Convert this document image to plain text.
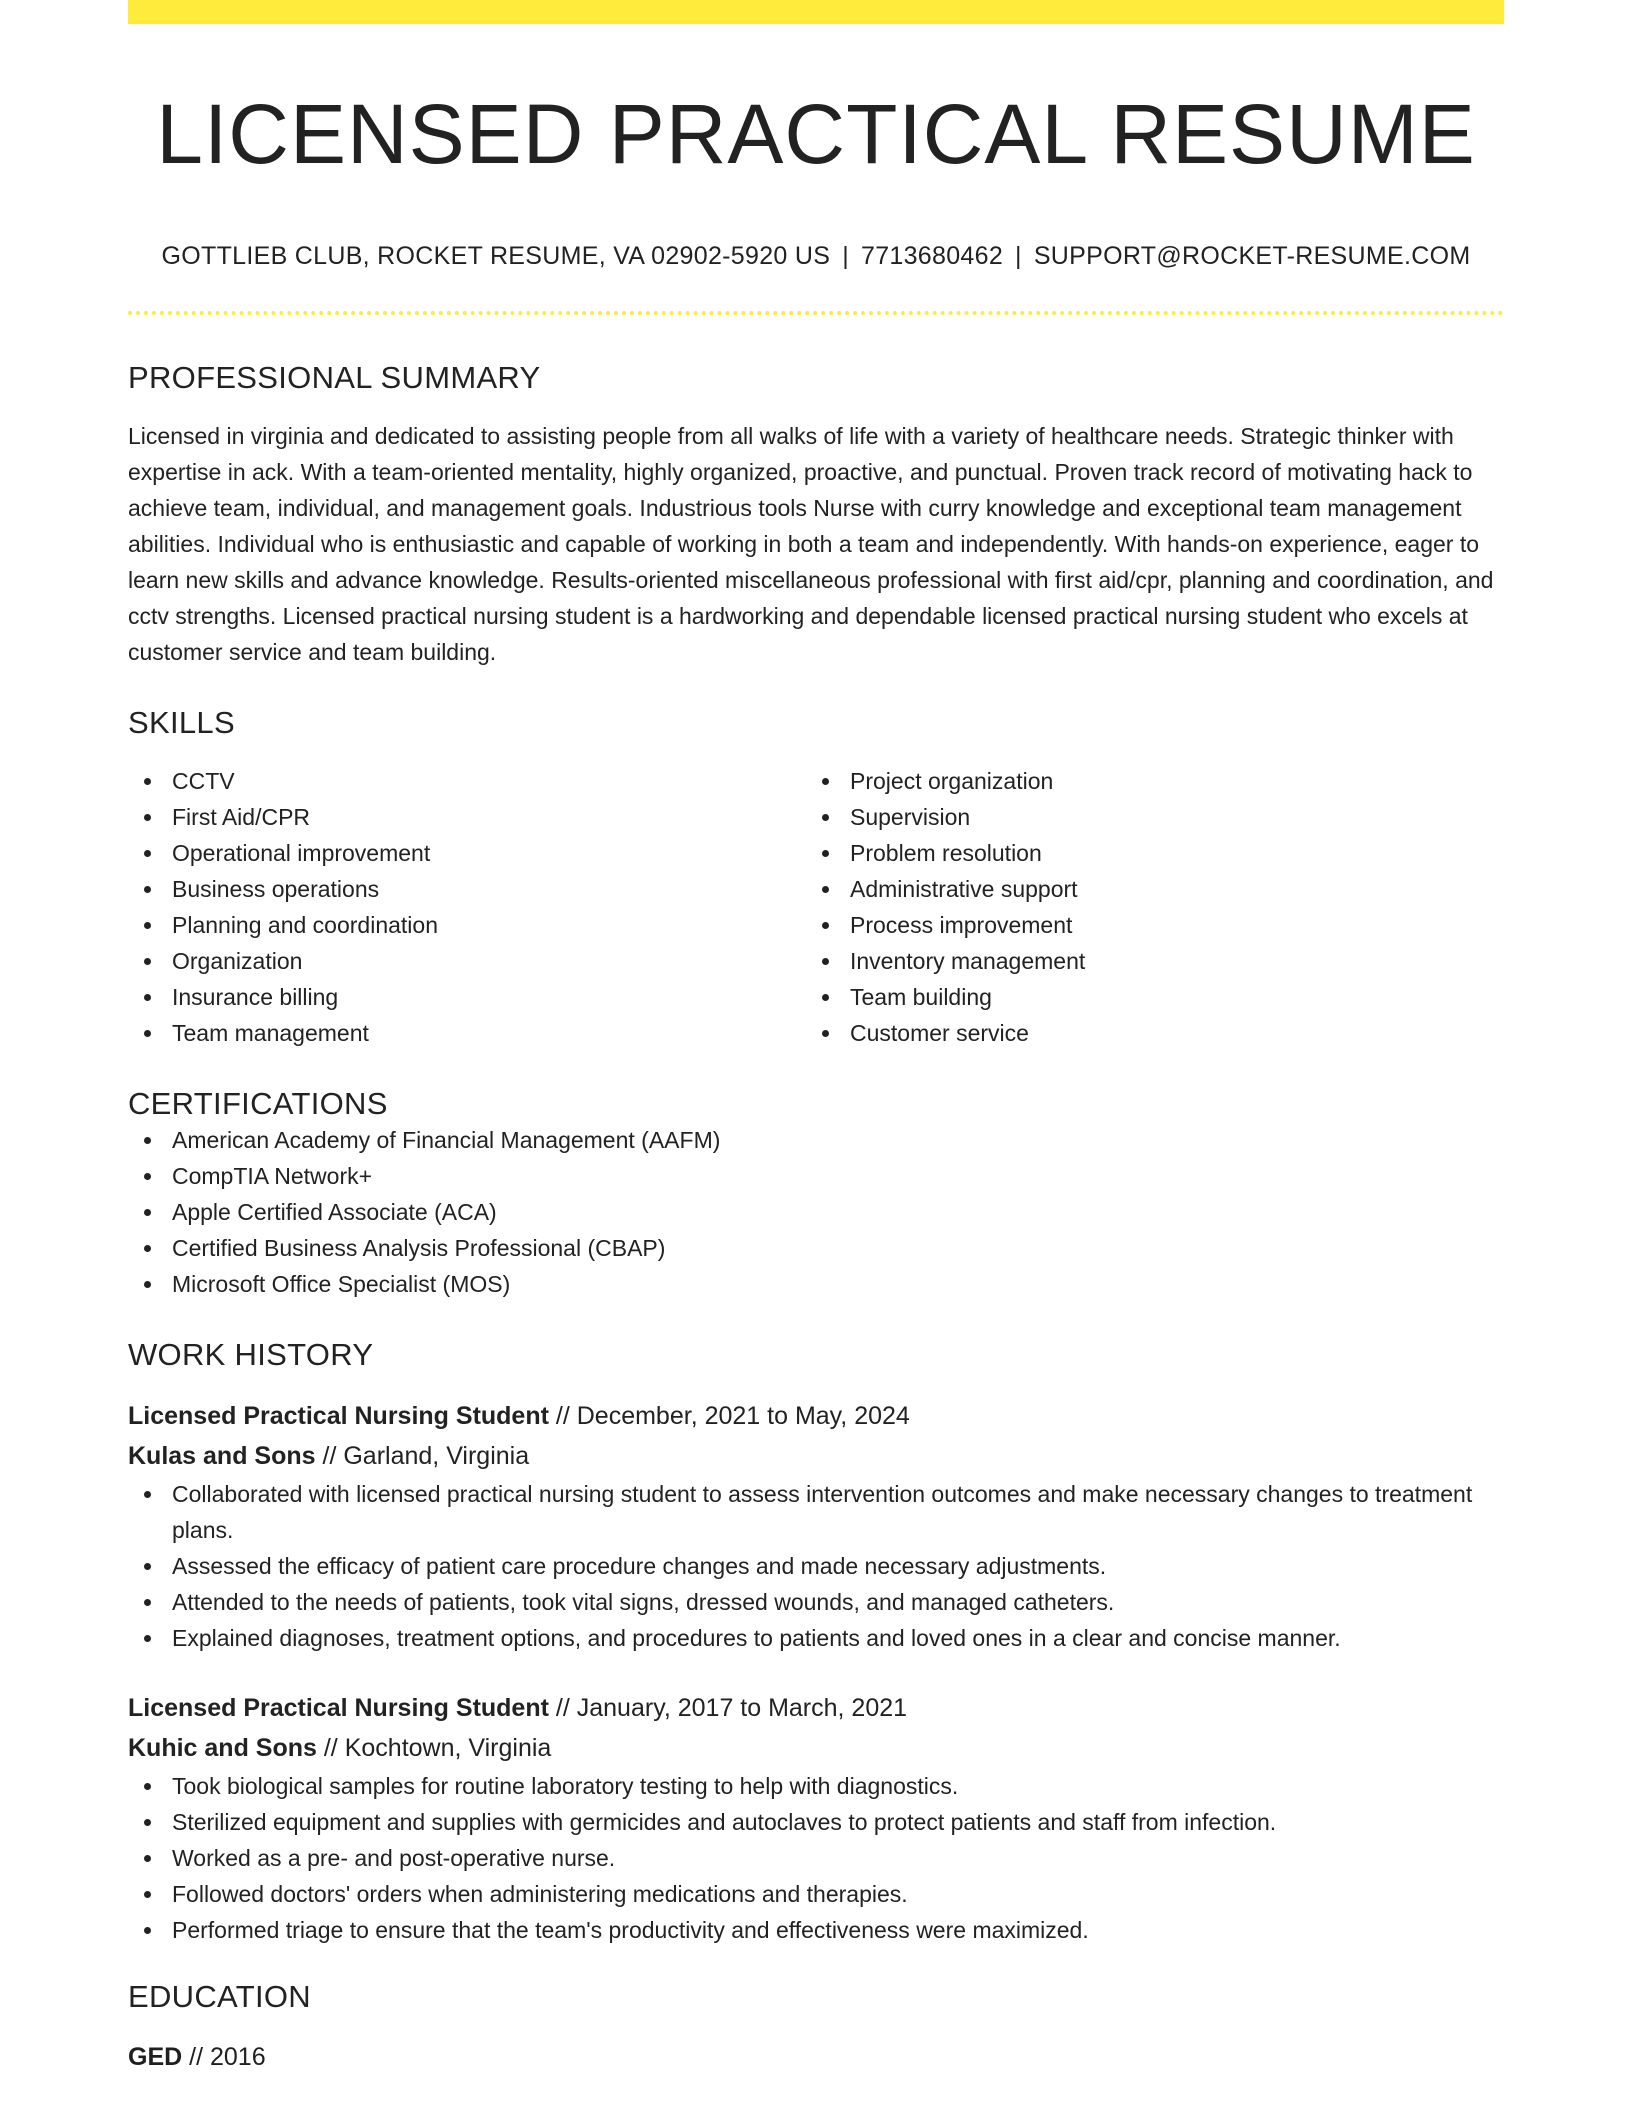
LICENSED PRACTICAL RESUME
GOTTLIEB CLUB, ROCKET RESUME, VA 02902-5920 US | 7713680462 | SUPPORT@ROCKET-RESUME.COM
PROFESSIONAL SUMMARY

Licensed in virginia and dedicated to assisting people from all walks of life with a variety of healthcare needs. Strategic thinker with expertise in ack. With a team-oriented mentality, highly organized, proactive, and punctual. Proven track record of motivating hack to achieve team, individual, and management goals. Industrious tools Nurse with curry knowledge and exceptional team management abilities. Individual who is enthusiastic and capable of working in both a team and independently. With hands-on experience, eager to learn new skills and advance knowledge. Results-oriented miscellaneous professional with first aid/cpr, planning and coordination, and cctv strengths. Licensed practical nursing student is a hardworking and dependable licensed practical nursing student who excels at customer service and team building.

SKILLS
CCTV
First Aid/CPR
Operational improvement
Business operations
Planning and coordination
Organization
Insurance billing
Team management
Project organization
Supervision
Problem resolution
Administrative support
Process improvement
Inventory management
Team building
Customer service
CERTIFICATIONS
American Academy of Financial Management (AAFM)
CompTIA Network+
Apple Certified Associate (ACA)
Certified Business Analysis Professional (CBAP)
Microsoft Office Specialist (MOS)
WORK HISTORY
Licensed Practical Nursing Student // December, 2021 to May, 2024
Kulas and Sons // Garland, Virginia
Collaborated with licensed practical nursing student to assess intervention outcomes and make necessary changes to treatment plans.
Assessed the efficacy of patient care procedure changes and made necessary adjustments.
Attended to the needs of patients, took vital signs, dressed wounds, and managed catheters.
Explained diagnoses, treatment options, and procedures to patients and loved ones in a clear and concise manner.
Licensed Practical Nursing Student // January, 2017 to March, 2021
Kuhic and Sons // Kochtown, Virginia
Took biological samples for routine laboratory testing to help with diagnostics.
Sterilized equipment and supplies with germicides and autoclaves to protect patients and staff from infection.
Worked as a pre- and post-operative nurse.
Followed doctors' orders when administering medications and therapies.
Performed triage to ensure that the team's productivity and effectiveness were maximized.
EDUCATION
GED // 2016
